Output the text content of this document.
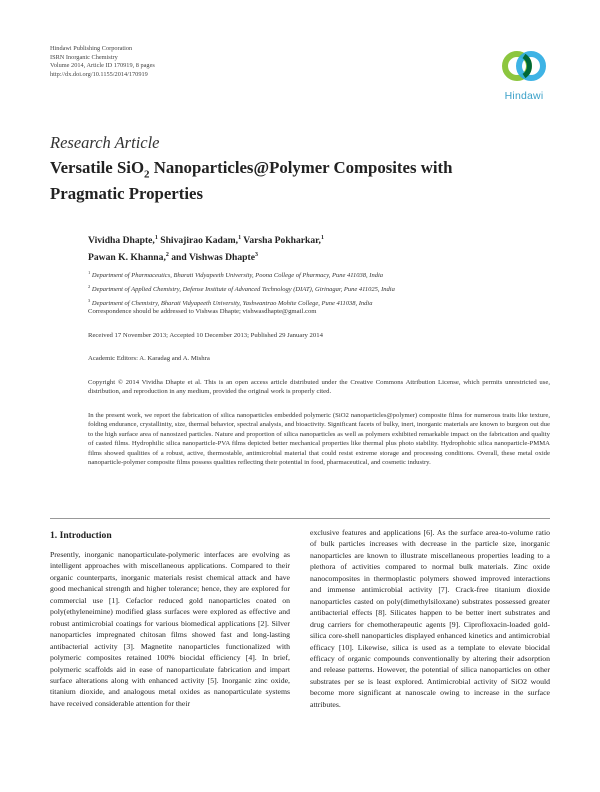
Hindawi Publishing Corporation
ISRN Inorganic Chemistry
Volume 2014, Article ID 170919, 8 pages
http://dx.doi.org/10.1155/2014/170919
Hindawi
Research Article
Versatile SiO$_2$ Nanoparticles@Polymer Composites with Pragmatic Properties
Vividha Dhapte,$^1$ Shivajirao Kadam,$^1$ Varsha Pokharkar,$^1$
Pawan K. Khanna,$^2$ and Vishwas Dhapte$^3$
$^1$ Department of Pharmaceutics, Bharati Vidyapeeth University, Poona College of Pharmacy, Pune 411038, India
$^2$ Department of Applied Chemistry, Defense Institute of Advanced Technology (DIAT), Girinagar, Pune 411025, India
$^3$ Department of Chemistry, Bharati Vidyapeeth University, Yashwantrao Mohite College, Pune 411038, India
Correspondence should be addressed to Vishwas Dhapte; vishwasdhapte@gmail.com
Received 17 November 2013; Accepted 10 December 2013; Published 29 January 2014
Academic Editors: A. Karadag and A. Mishra
Copyright © 2014 Vividha Dhapte et al. This is an open access article distributed under the Creative Commons Attribution License, which permits unrestricted use, distribution, and reproduction in any medium, provided the original work is properly cited.
In the present work, we report the fabrication of silica nanoparticles embedded polymeric (SiO2 nanoparticles@polymer) composite films for numerous traits like texture, folding endurance, crystallinity, size, thermal behavior, spectral analysis, and bioactivity. Significant facets of bulky, inert, inorganic materials are known to burgeon out due to the high surface area of nanosized particles. Nature and proportion of silica nanoparticles as well as polymers exhibited remarkable impact on the fabrication and quality of casted films. Hydrophilic silica nanoparticle-PVA films depicted better mechanical properties like thermal plus photo stability. Hydrophobic silica nanoparticle-PMMA films showed qualities of a robust, active, thermostable, antimicrobial material that could resist extreme storage and processing conditions. Overall, these metal oxide nanoparticle-polymer composite films possess qualities reflecting their potential in food, pharmaceutical, and cosmetic industry.
1. Introduction
Presently, inorganic nanoparticulate-polymeric interfaces are evolving as intelligent approaches with miscellaneous applications. Compared to their organic counterparts, inorganic materials resist chemical attack and have good mechanical strength and higher tolerance; hence, they are explored for commercial use [1]. Cefaclor reduced gold nanoparticles coated on poly(ethyleneimine) modified glass surfaces were explored as effective and robust antimicrobial coatings for various biomedical applications [2]. Silver nanoparticles impregnated chitosan films showed fast and long-lasting antibacterial activity [3]. Magnetite nanoparticles functionalized with polymeric composites retained 100% biocidal efficiency [4]. In brief, polymeric scaffolds aid in ease of nanoparticulate fabrication and impart surface alterations along with enhanced activity [5]. Inorganic zinc oxide, titanium dioxide, and analogous metal oxides as nanoparticulate systems have received considerable attention for their
exclusive features and applications [6]. As the surface area-to-volume ratio of bulk particles increases with decrease in the particle size, inorganic nanoparticles are known to illustrate miscellaneous properties leading to a plethora of activities compared to normal bulk materials. Zinc oxide nanocomposites in thermoplastic polymers showed improved interactions and immense antimicrobial activity [7]. Crack-free titanium dioxide nanoparticles casted on poly(dimethylsiloxane) substrates possessed greater antibacterial effects [8]. Silicates happen to be better inert substrates and drug carriers for chemotherapeutic agents [9]. Ciprofloxacin-loaded gold-silica core-shell nanoparticles displayed enhanced kinetics and antimicrobial efficacy [10]. Likewise, silica is used as a template to elevate biocidal efficacy of organic compounds conventionally by altering their adsorption and release patterns. However, the potential of silica nanoparticles on other substrates per se is least explored. Antimicrobial activity of SiO2 would become more significant at nanoscale owing to increase in the surface attributes.
